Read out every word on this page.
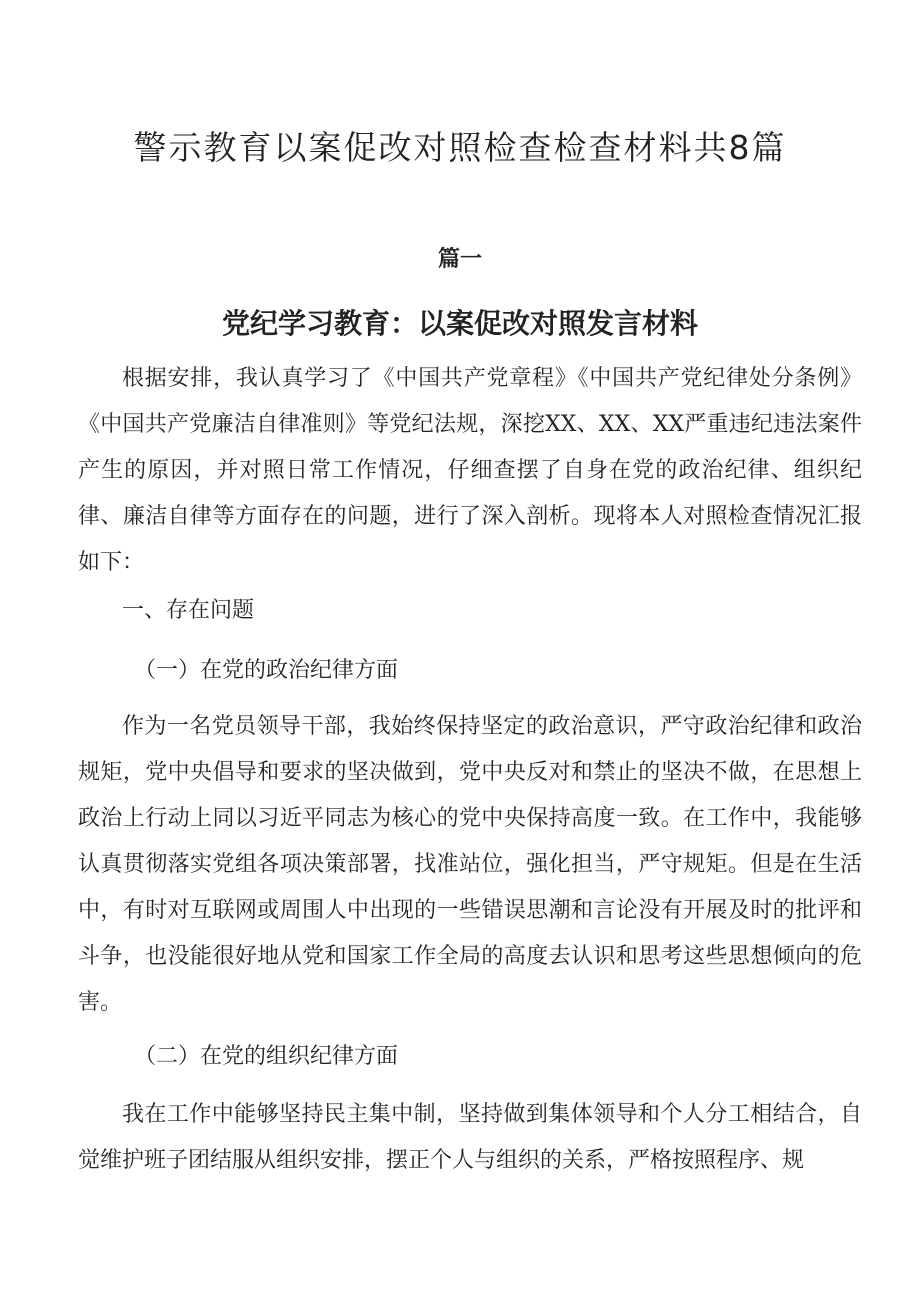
警示教育以案促改对照检查检查材料共8篇
篇一
党纪学习教育：以案促改对照发言材料
根据安排，我认真学习了《中国共产党章程》《中国共产党纪律处分条例》《中国共产党廉洁自律准则》等党纪法规，深挖XX、XX、XX严重违纪违法案件产生的原因，并对照日常工作情况，仔细查摆了自身在党的政治纪律、组织纪律、廉洁自律等方面存在的问题，进行了深入剖析。现将本人对照检查情况汇报如下：
一、存在问题
（一）在党的政治纪律方面
作为一名党员领导干部，我始终保持坚定的政治意识，严守政治纪律和政治规矩，党中央倡导和要求的坚决做到，党中央反对和禁止的坚决不做，在思想上政治上行动上同以习近平同志为核心的党中央保持高度一致。在工作中，我能够认真贯彻落实党组各项决策部署，找准站位，强化担当，严守规矩。但是在生活中，有时对互联网或周围人中出现的一些错误思潮和言论没有开展及时的批评和斗争，也没能很好地从党和国家工作全局的高度去认识和思考这些思想倾向的危害。
（二）在党的组织纪律方面
我在工作中能够坚持民主集中制，坚持做到集体领导和个人分工相结合，自觉维护班子团结服从组织安排，摆正个人与组织的关系，严格按照程序、规
